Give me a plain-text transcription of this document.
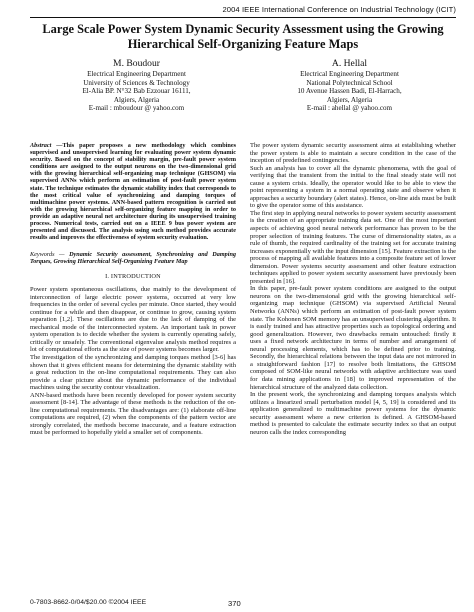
2004 IEEE International Conference on Industrial Technology (ICIT)
Large Scale Power System Dynamic Security Assessment using the Growing Hierarchical Self-Organizing Feature Maps
M. Boudour
Electrical Engineering Department
University of Sciences & Technology
El-Alia BP. N°32 Bab Ezzouar 16111,
Algiers, Algeria
E-mail : mboudour @ yahoo.com
A. Hellal
Electrical Engineering Department
National Polytechnical School
10 Avenue Hassen Badi, El-Harrach,
Algiers, Algeria
E-mail : ahellal @ yahoo.com

Abstract —This paper proposes a new methodology which combines supervised and unsupervised learning for evaluating power system dynamic security. Based on the concept of stability margin, pre-fault power system conditions are assigned to the output neurons on the two-dimensional grid with the growing hierarchical self-organizing map technique (GHSOM) via supervised ANNs which perform an estimation of post-fault power system state. The technique estimates the dynamic stability index that corresponds to the most critical value of synchronizing and damping torques of multimachine power systems. ANN-based pattern recognition is carried out with the growing hierarchical self-organizing feature mapping in order to provide an adaptive neural net architecture during its unsupervised training process. Numerical tests, carried out on a IEEE 9 bus power system are presented and discussed. The analysis using such method provides accurate results and improves the effectiveness of system security evaluation.

Keywords — Dynamic Security assessment, Synchronizing and Damping Torques, Growing Hierarchical Self-Organizing Feature Map

I. INTRODUCTION

Power system spontaneous oscillations, due mainly to the development of interconnection of large electric power systems, occurred at very low frequencies in the order of several cycles per minute. Once started, they would continue for a while and then disappear, or continue to grow, causing system separation [1,2]. These oscillations are due to the lack of damping of the mechanical mode of the interconnected system. An important task in power system operation is to decide whether the system is currently operating safely, critically or unsafely. The conventional eigenvalue analysis method requires a lot of computational efforts as the size of power systems becomes larger.

The investigation of the synchronizing and damping torques method [3-6] has shown that it gives efficient means for determining the dynamic stability with a great reduction in the on-line computational requirements. They can also provide a clear picture about the dynamic performance of the individual machines using the security contour visualization.

ANN-based methods have been recently developed for power system security assessment [8-14]. The advantage of these methods is the reduction of the on-line computational requirements. The disadvantages are: (1) elaborate off-line computations are required, (2) when the components of the pattern vector are strongly correlated, the methods become inaccurate, and a feature extraction must be performed to hopefully yield a smaller set of components.

The power system dynamic security assessment aims at establishing whether the power system is able to maintain a secure condition in the case of the inception of predefined contingencies.

Such an analysis has to cover all the dynamic phenomena, with the goal of verifying that the transient from the initial to the final steady state will not cause a system crisis. Ideally, the operator would like to be able to view the point representing a system in a normal operating state and observe when it approaches a security boundary (alert states). Hence, on-line aids must be built to give the operator some of this assistance.

The first step in applying neural networks to power system security assessment is the creation of an appropriate training data set. One of the most important aspects of achieving good neural network performance has proven to be the proper selection of training features. The curse of dimensionality states, as a rule of thumb, the required cardinality of the training set for accurate training increases exponentially with the input dimension [15]. Feature extraction is the process of mapping all available features into a composite feature set of lower dimension. Power systems security assessment and other feature extraction techniques applied to power system security assessment have previously been presented in [16].

In this paper, pre-fault power system conditions are assigned to the output neurons on the two-dimensional grid with the growing hierarchical self-organizing map technique (GHSOM) via supervised Artificial Neural Networks (ANNs) which perform an estimation of post-fault power system state. The Kohonen SOM memory has an unsupervised clustering algorithm. It is easily trained and has attractive properties such as topological ordering and good generalization. However, two drawbacks remain untouched: firstly it uses a fixed network architecture in terms of number and arrangement of neural processing elements, which has to be defined prior to training. Secondly, the hierarchical relations between the input data are not mirrored in a straightforward fashion [17] to resolve both limitations, the GHSOM composed of SOM-like neural networks with adaptive architecture was used for data mining applications in [18] to improved representation of the hierarchical structure of the analyzed data collection.

In the present work, the synchronizing and damping torques analysis which utilizes a linearized small perturbation model [4, 5, 19] is considered and its application generalized to multimachine power systems for the dynamic security assessment where a new criterion is defined. A GHSOM-based method is presented to calculate the estimate security index so that an output neuron calls the index corresponding

0-7803-8662-0/04/$20.00 ©2004 IEEE	370
